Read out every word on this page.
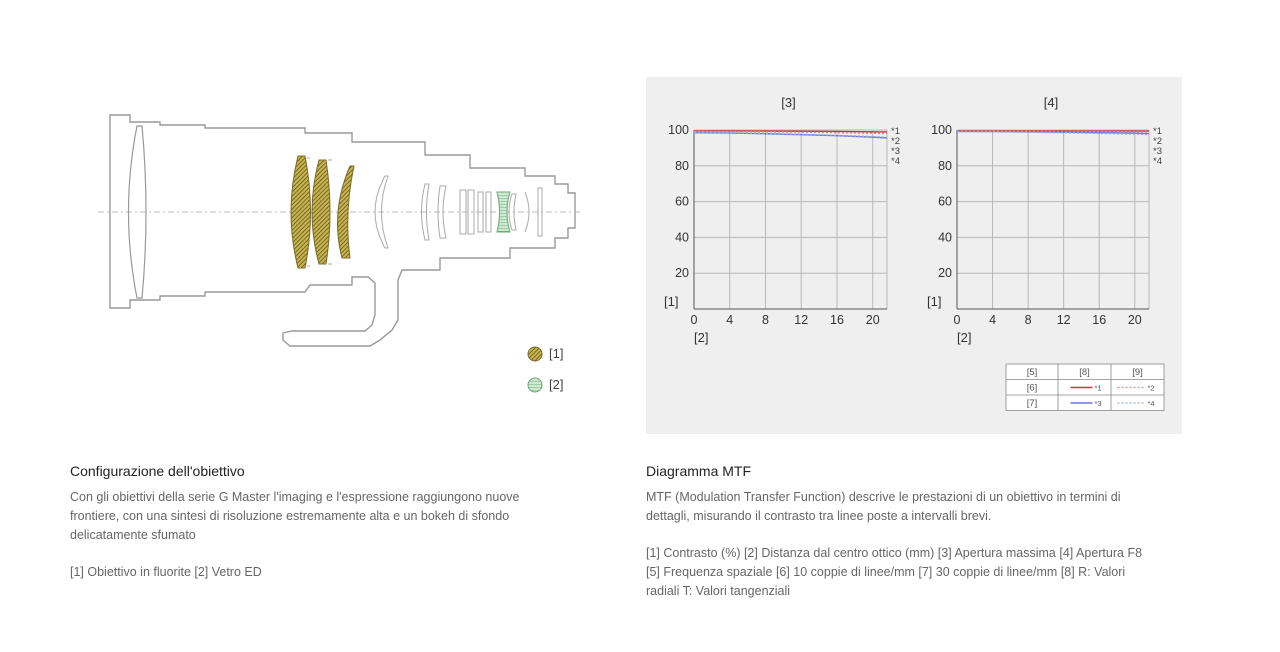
[1]
[2]
[3]
20
40
60
80
100
0 4 8 12 16 20
[1]
[2]
*1
*2
*3
*4
[4]
20
40
60
80
100
0 4 8 12 16 20
[1]
[2]
*1
*2
*3
*4
[5]	[8]	[9]
[6]	*1	*2
[7]	*3	*4
Configurazione dell'obiettivo

Con gli obiettivi della serie G Master l'imaging e l'espressione raggiungono nuove frontiere, con una sintesi di risoluzione estremamente alta e un bokeh di sfondo delicatamente sfumato

[1] Obiettivo in fluorite [2] Vetro ED

Diagramma MTF

MTF (Modulation Transfer Function) descrive le prestazioni di un obiettivo in termini di dettagli, misurando il contrasto tra linee poste a intervalli brevi.

[1] Contrasto (%) [2] Distanza dal centro ottico (mm) [3] Apertura massima [4] Apertura F8 [5] Frequenza spaziale [6] 10 coppie di linee/mm [7] 30 coppie di linee/mm [8] R: Valori radiali T: Valori tangenziali
